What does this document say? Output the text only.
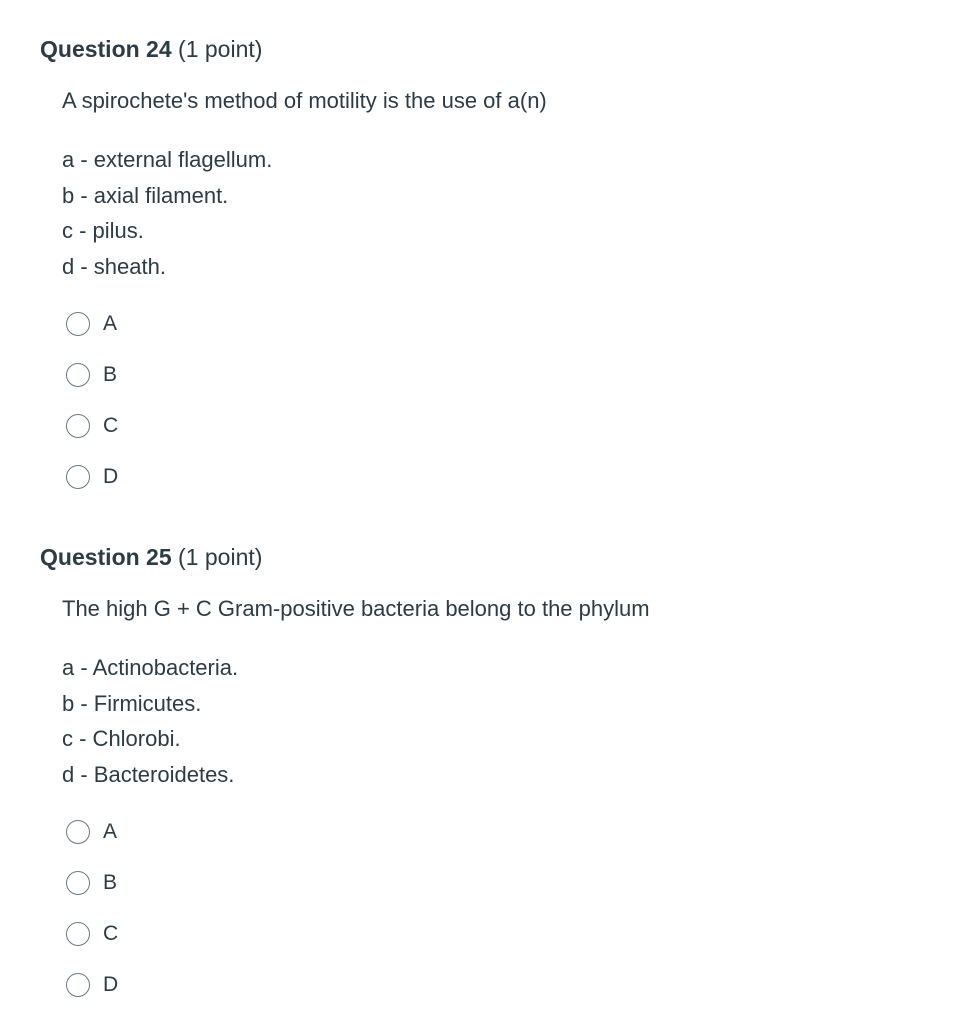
Question 24 (1 point)
A spirochete's method of motility is the use of a(n)
a - external flagellum.
b - axial filament.
c - pilus.
d - sheath.
A
B
C
D
Question 25 (1 point)
The high G + C Gram-positive bacteria belong to the phylum
a - Actinobacteria.
b - Firmicutes.
c - Chlorobi.
d - Bacteroidetes.
A
B
C
D
